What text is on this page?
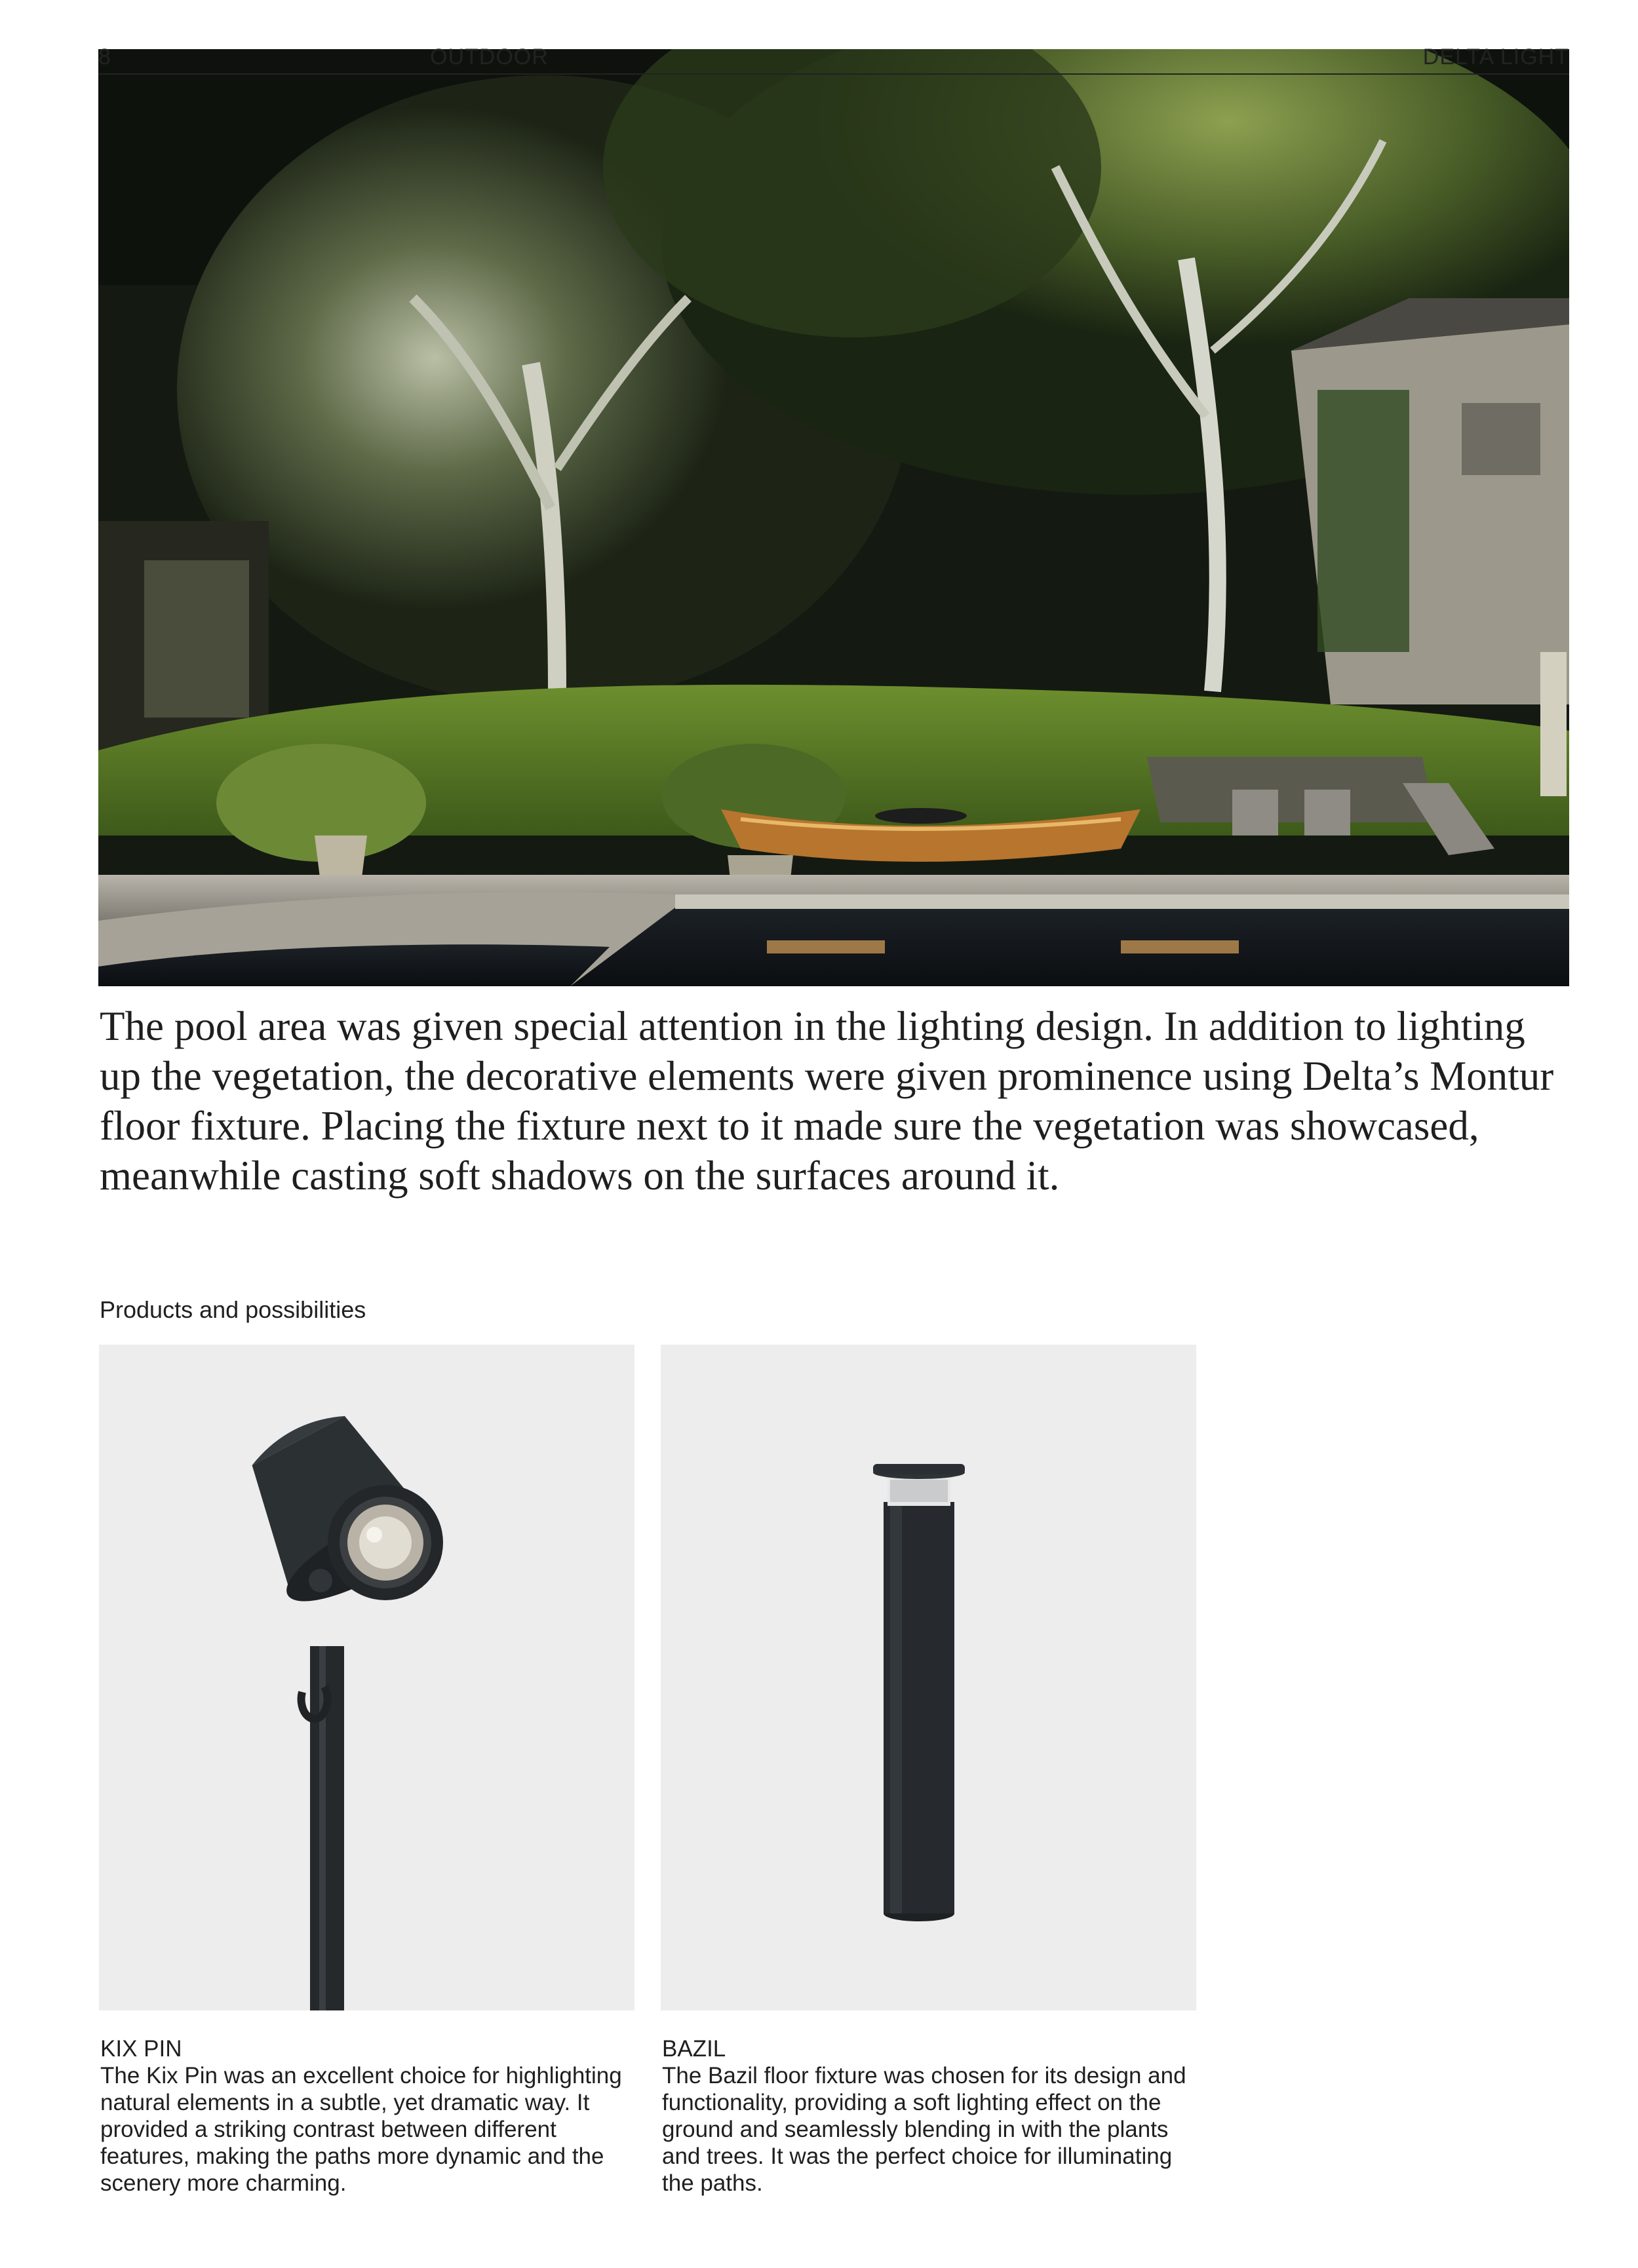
8	OUTDOOR	DELTA LIGHT

The pool area was given special attention in the lighting design. In addition to lighting up the vegetation, the decorative elements were given prominence using Delta’s Montur floor fixture. Placing the fixture next to it made sure the vegetation was showcased, meanwhile casting soft shadows on the surfaces around it.

Products and possibilities
KIX PIN

The Kix Pin was an excellent choice for highlighting natural elements in a subtle, yet dramatic way. It provided a striking contrast between different features, making the paths more dynamic and the scenery more charming.

BAZIL

The Bazil floor fixture was chosen for its design and functionality, providing a soft lighting effect on the ground and seamlessly blending in with the plants and trees. It was the perfect choice for illuminating the paths.
